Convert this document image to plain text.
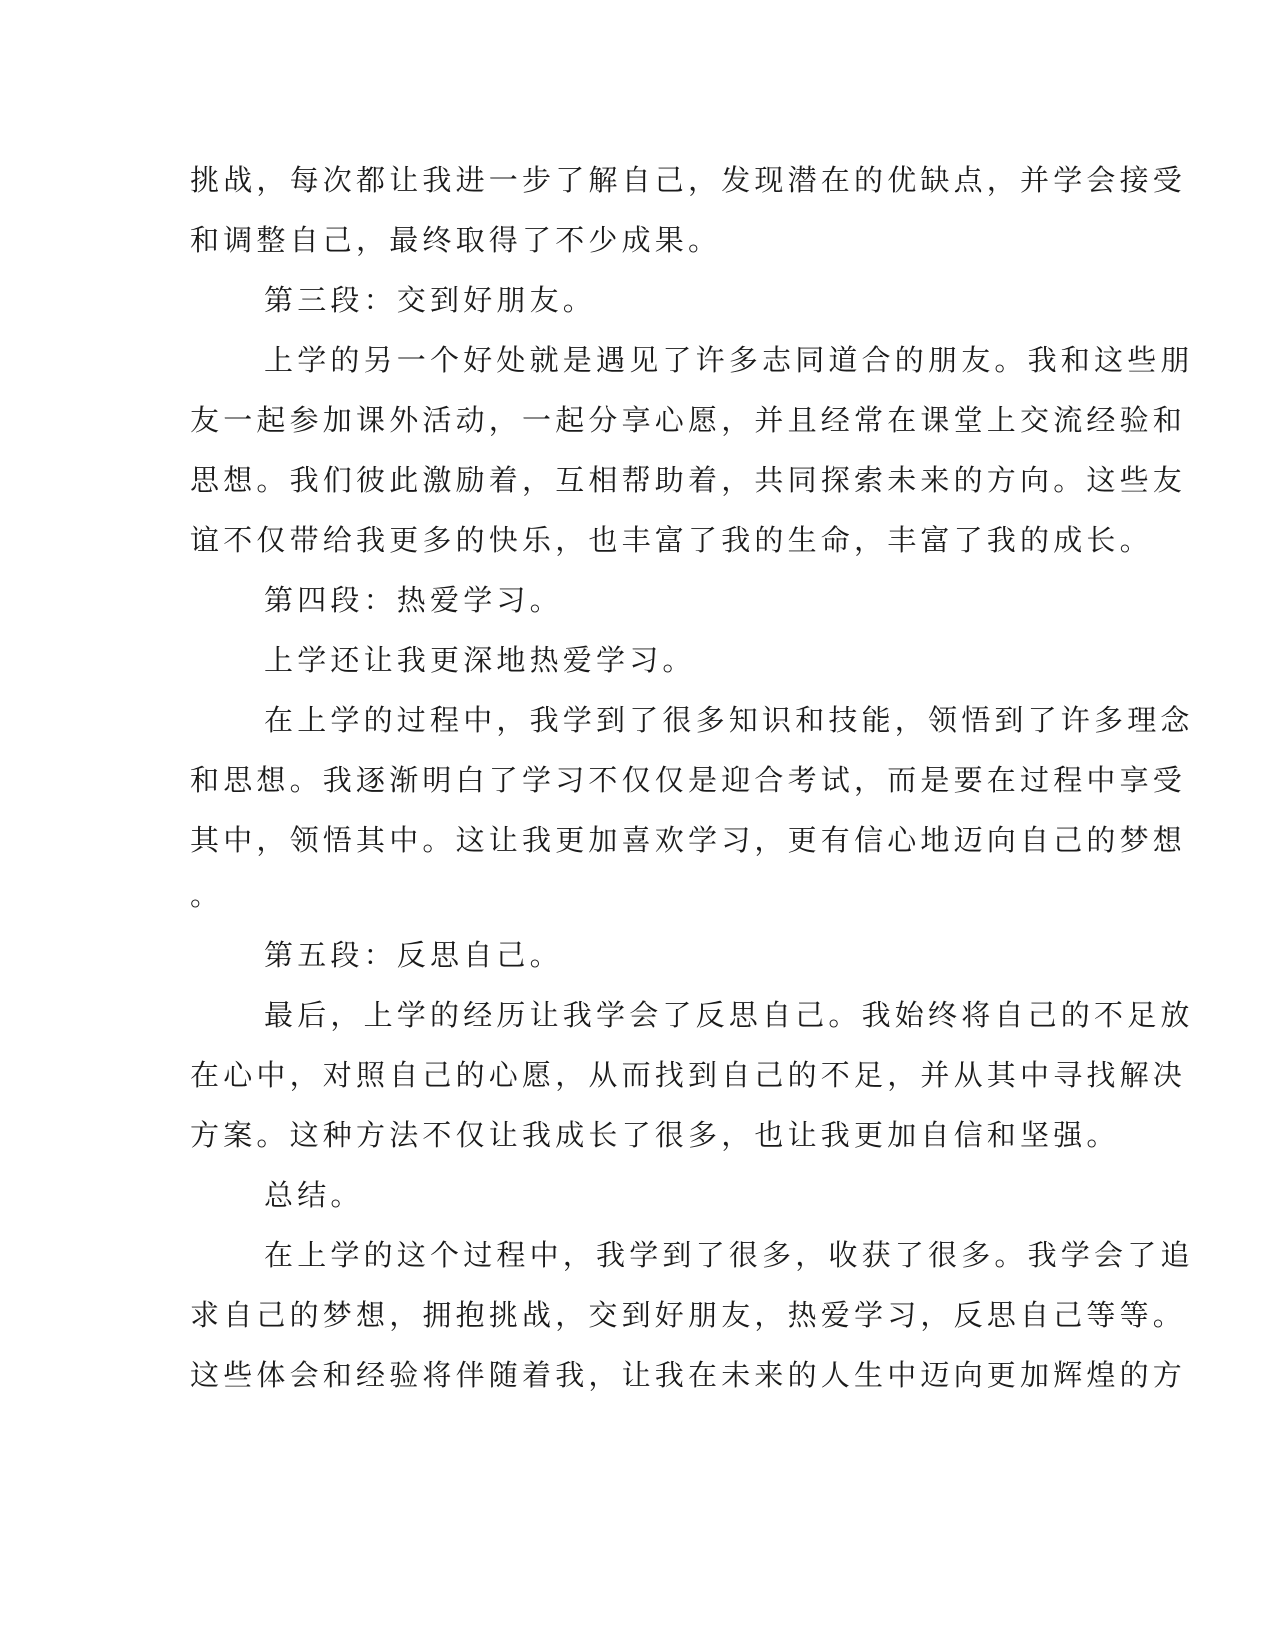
挑战，每次都让我进一步了解自己，发现潜在的优缺点，并学会接受
和调整自己，最终取得了不少成果。
第三段：交到好朋友。
上学的另一个好处就是遇见了许多志同道合的朋友。我和这些朋
友一起参加课外活动，一起分享心愿，并且经常在课堂上交流经验和
思想。我们彼此激励着，互相帮助着，共同探索未来的方向。这些友
谊不仅带给我更多的快乐，也丰富了我的生命，丰富了我的成长。
第四段：热爱学习。
上学还让我更深地热爱学习。
在上学的过程中，我学到了很多知识和技能，领悟到了许多理念
和思想。我逐渐明白了学习不仅仅是迎合考试，而是要在过程中享受
其中，领悟其中。这让我更加喜欢学习，更有信心地迈向自己的梦想
。
第五段：反思自己。
最后，上学的经历让我学会了反思自己。我始终将自己的不足放
在心中，对照自己的心愿，从而找到自己的不足，并从其中寻找解决
方案。这种方法不仅让我成长了很多，也让我更加自信和坚强。
总结。
在上学的这个过程中，我学到了很多，收获了很多。我学会了追
求自己的梦想，拥抱挑战，交到好朋友，热爱学习，反思自己等等。
这些体会和经验将伴随着我，让我在未来的人生中迈向更加辉煌的方
